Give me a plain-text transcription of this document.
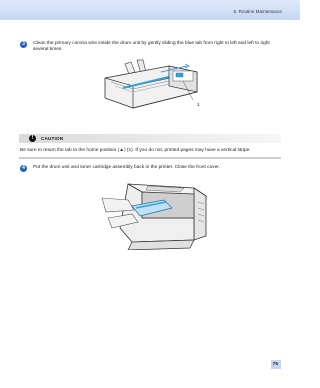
6. Routine Maintenance
3	Clean the primary corona wire inside the drum unit by gently sliding the blue tab from right to left and left to right several times.
1
!	CAUTION
Be sure to return the tab to the home position (▲) (1). If you do not, printed pages may have a vertical stripe.
4	Put the drum unit and toner cartridge assembly back in the printer. Close the front cover.
75
